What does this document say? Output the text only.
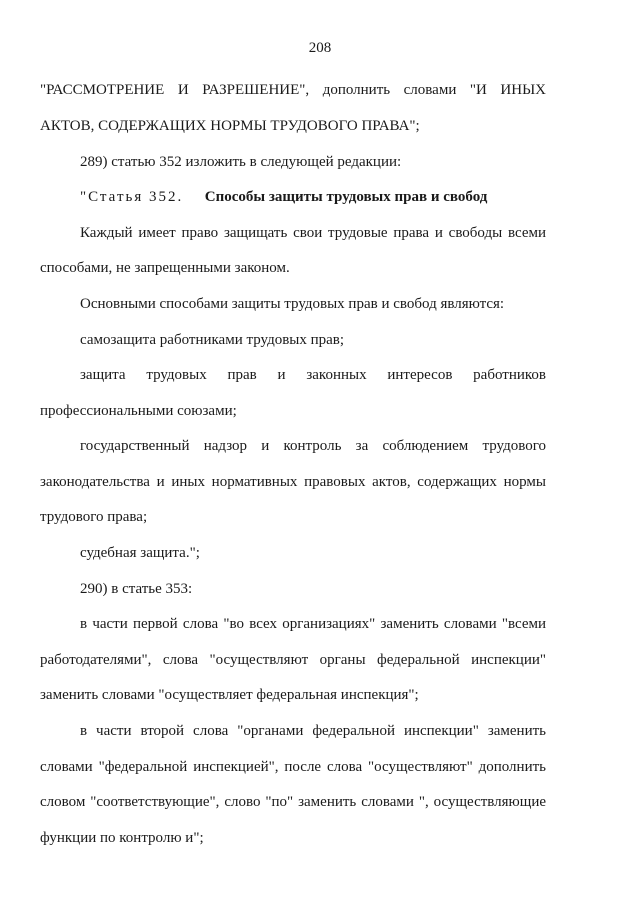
208
"РАССМОТРЕНИЕ И РАЗРЕШЕНИЕ", дополнить словами "И ИНЫХ
АКТОВ, СОДЕРЖАЩИХ НОРМЫ ТРУДОВОГО ПРАВА";
289) статью 352 изложить в следующей редакции:
"Статья 352. Способы защиты трудовых прав и свобод
Каждый имеет право защищать свои трудовые права и свободы всеми
способами, не запрещенными законом.
Основными способами защиты трудовых прав и свобод являются:
самозащита работниками трудовых прав;
защита трудовых прав и законных интересов работников
профессиональными союзами;
государственный надзор и контроль за соблюдением трудового
законодательства и иных нормативных правовых актов, содержащих нормы
трудового права;
судебная защита.";
290) в статье 353:
в части первой слова "во всех организациях" заменить словами "всеми
работодателями", слова "осуществляют органы федеральной инспекции"
заменить словами "осуществляет федеральная инспекция";
в части второй слова "органами федеральной инспекции" заменить
словами "федеральной инспекцией", после слова "осуществляют" дополнить
словом "соответствующие", слово "по" заменить словами ", осуществляющие
функции по контролю и";
